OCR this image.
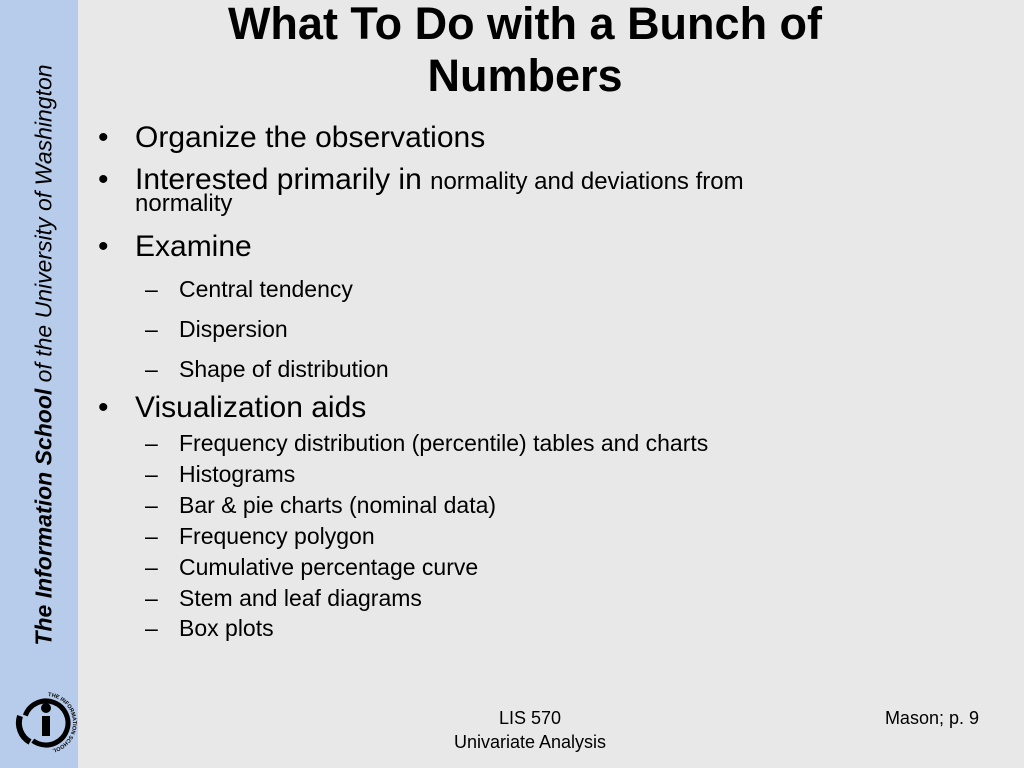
The Information School of the University of Washington
THE INFORMATION SCHOOL
What To Do with a Bunch of
Numbers
• Organize the observations
• Interested primarily in normality and deviations from
normality
• Examine
– Central tendency
– Dispersion
– Shape of distribution
• Visualization aids
– Frequency distribution (percentile) tables and charts
– Histograms
– Bar & pie charts (nominal data)
– Frequency polygon
– Cumulative percentage curve
– Stem and leaf diagrams
– Box plots
LIS 570
Univariate Analysis
Mason; p. 9
